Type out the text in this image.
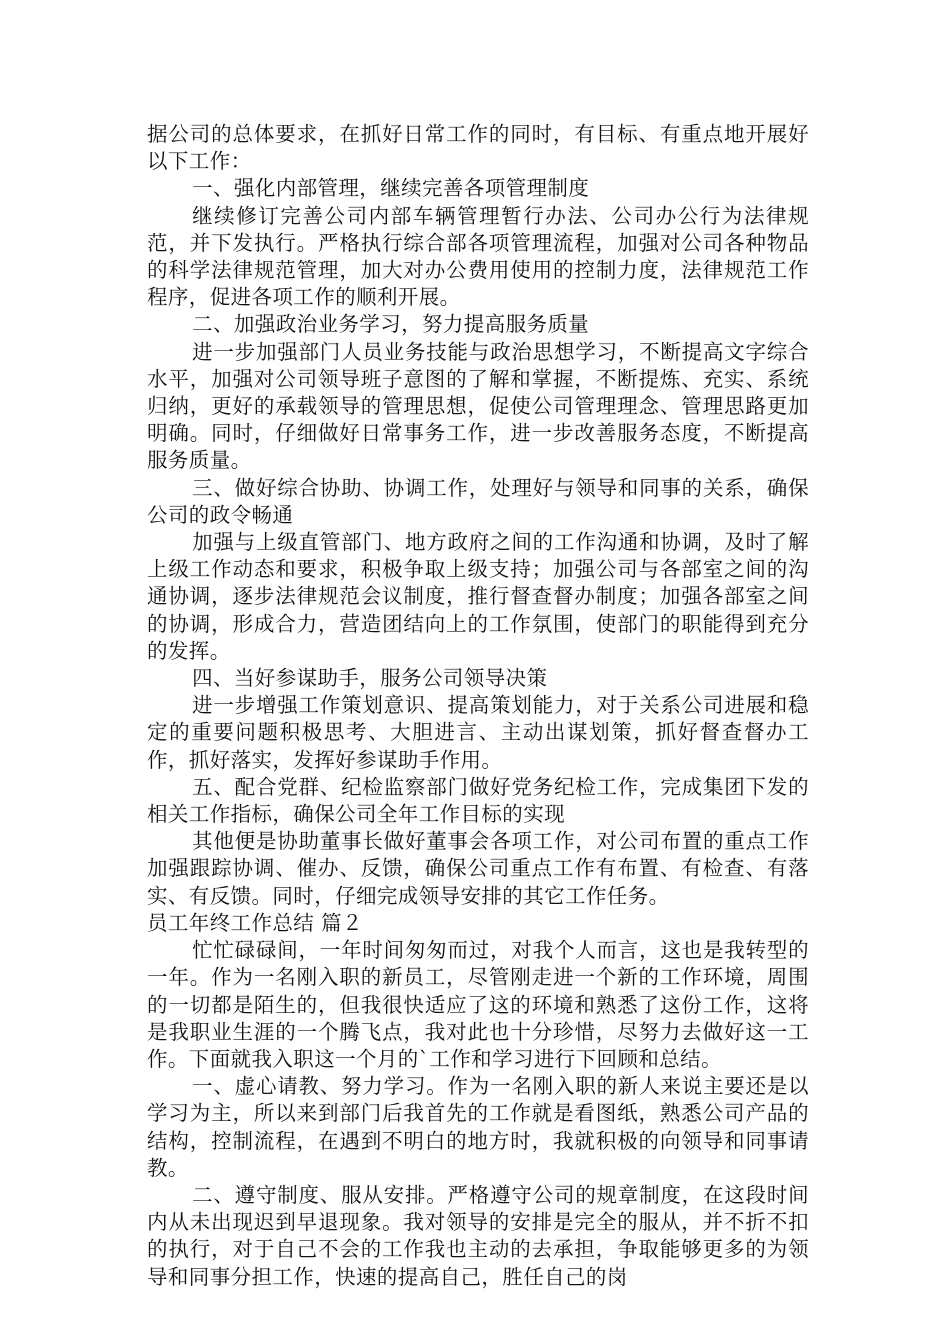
据公司的总体要求，在抓好日常工作的同时，有目标、有重点地开展好以下工作：

一、强化内部管理，继续完善各项管理制度

继续修订完善公司内部车辆管理暂行办法、公司办公行为法律规范，并下发执行。严格执行综合部各项管理流程，加强对公司各种物品的科学法律规范管理，加大对办公费用使用的控制力度，法律规范工作程序，促进各项工作的顺利开展。

二、加强政治业务学习，努力提高服务质量

进一步加强部门人员业务技能与政治思想学习，不断提高文字综合水平，加强对公司领导班子意图的了解和掌握，不断提炼、充实、系统归纳，更好的承载领导的管理思想，促使公司管理理念、管理思路更加明确。同时，仔细做好日常事务工作，进一步改善服务态度，不断提高服务质量。

三、做好综合协助、协调工作，处理好与领导和同事的关系，确保公司的政令畅通

加强与上级直管部门、地方政府之间的工作沟通和协调，及时了解上级工作动态和要求，积极争取上级支持；加强公司与各部室之间的沟通协调，逐步法律规范会议制度，推行督查督办制度；加强各部室之间的协调，形成合力，营造团结向上的工作氛围，使部门的职能得到充分的发挥。

四、当好参谋助手，服务公司领导决策

进一步增强工作策划意识、提高策划能力，对于关系公司进展和稳定的重要问题积极思考、大胆进言、主动出谋划策，抓好督查督办工作，抓好落实，发挥好参谋助手作用。

五、配合党群、纪检监察部门做好党务纪检工作，完成集团下发的相关工作指标，确保公司全年工作目标的实现

其他便是协助董事长做好董事会各项工作，对公司布置的重点工作加强跟踪协调、催办、反馈，确保公司重点工作有布置、有检查、有落实、有反馈。同时，仔细完成领导安排的其它工作任务。

员工年终工作总结 篇２

忙忙碌碌间，一年时间匆匆而过，对我个人而言，这也是我转型的一年。作为一名刚入职的新员工，尽管刚走进一个新的工作环境，周围的一切都是陌生的，但我很快适应了这的环境和熟悉了这份工作，这将是我职业生涯的一个腾飞点，我对此也十分珍惜，尽努力去做好这一工作。下面就我入职这一个月的`工作和学习进行下回顾和总结。

一、虚心请教、努力学习。作为一名刚入职的新人来说主要还是以学习为主，所以来到部门后我首先的工作就是看图纸，熟悉公司产品的结构，控制流程，在遇到不明白的地方时，我就积极的向领导和同事请教。

二、遵守制度、服从安排。严格遵守公司的规章制度，在这段时间内从未出现迟到早退现象。我对领导的安排是完全的服从，并不折不扣的执行，对于自己不会的工作我也主动的去承担，争取能够更多的为领导和同事分担工作，快速的提高自己，胜任自己的岗
